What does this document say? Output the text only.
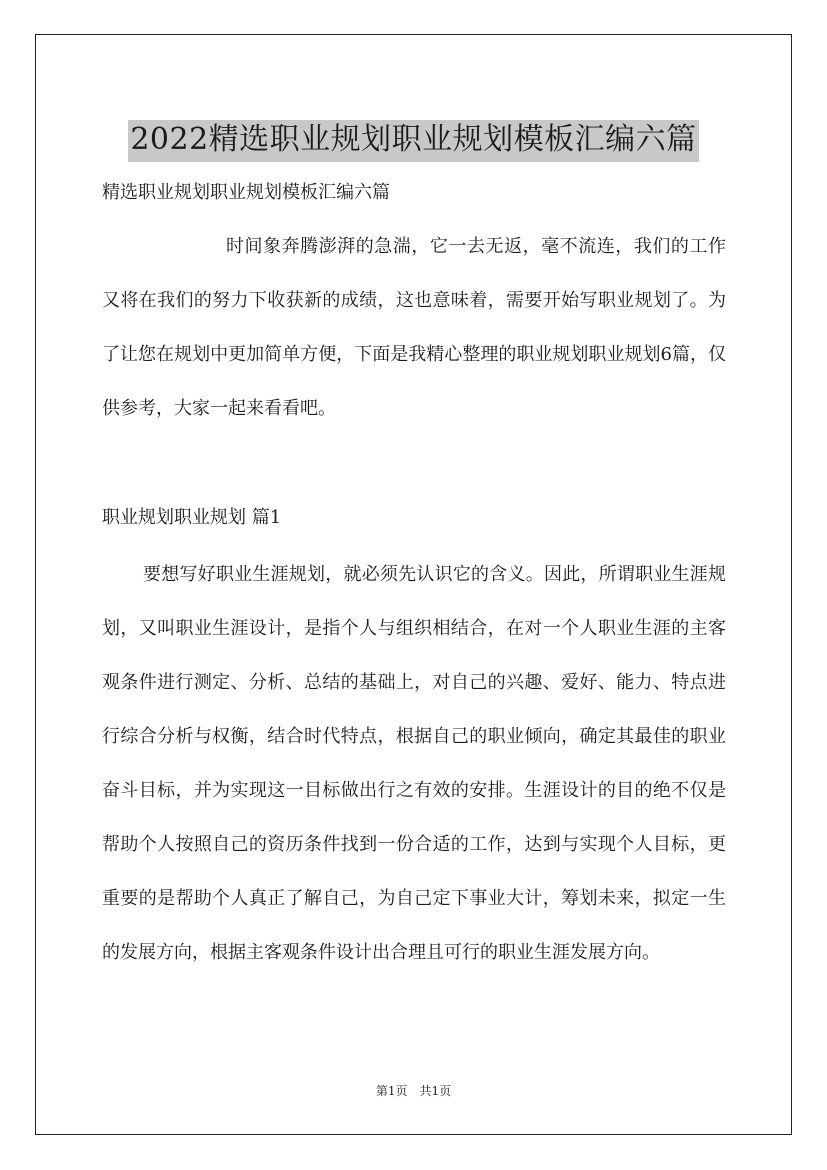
2022精选职业规划职业规划模板汇编六篇
精选职业规划职业规划模板汇编六篇

时间象奔腾澎湃的急湍，它一去无返，毫不流连，我们的工作又将在我们的努力下收获新的成绩，这也意味着，需要开始写职业规划了。为了让您在规划中更加简单方便，下面是我精心整理的职业规划职业规划6篇，仅供参考，大家一起来看看吧。

职业规划职业规划 篇1

要想写好职业生涯规划，就必须先认识它的含义。因此，所谓职业生涯规划，又叫职业生涯设计，是指个人与组织相结合，在对一个人职业生涯的主客观条件进行测定、分析、总结的基础上，对自己的兴趣、爱好、能力、特点进行综合分析与权衡，结合时代特点，根据自己的职业倾向，确定其最佳的职业奋斗目标，并为实现这一目标做出行之有效的安排。生涯设计的目的绝不仅是帮助个人按照自己的资历条件找到一份合适的工作，达到与实现个人目标，更重要的是帮助个人真正了解自己，为自己定下事业大计，筹划未来，拟定一生的发展方向，根据主客观条件设计出合理且可行的职业生涯发展方向。

第1页　共1页
